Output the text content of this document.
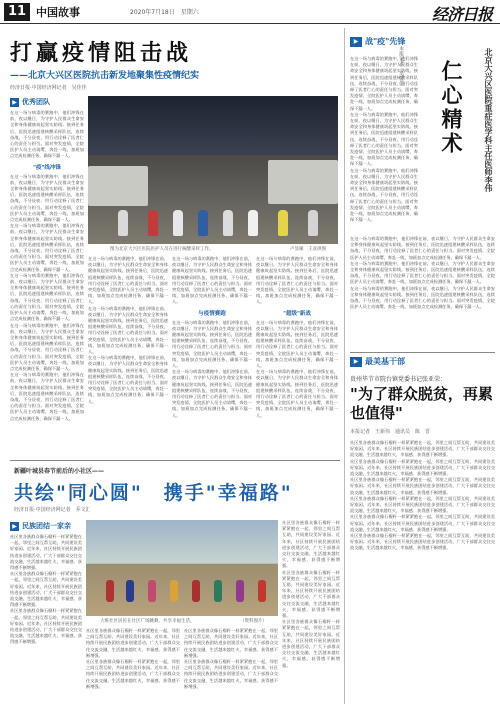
11 中国故事	2020年7月18日　星期六	经济日报
打赢疫情阻击战
——北京大兴区医院抗击新发地聚集性疫情纪实
经济日报·中国经济网记者　吴佳佳
▶ 优秀团队

在这一场与病毒的赛跑中，他们冲锋在前，夜以继日，为守护人民群众生命安全和身体健康筑起坚实防线。接到任务后，医院迅速组建核酸采样队伍，连续奋战，不分昼夜，用行动诠释了医者仁心的责任与担当。面对突发疫情，全院医护人员主动请缨，奔赴一线，加班加点完成检测任务，确保不漏一人。

"疫"线冲锋

在这一场与病毒的赛跑中，他们冲锋在前，夜以继日，为守护人民群众生命安全和身体健康筑起坚实防线。接到任务后，医院迅速组建核酸采样队伍，连续奋战，不分昼夜，用行动诠释了医者仁心的责任与担当。面对突发疫情，全院医护人员主动请缨，奔赴一线，加班加点完成检测任务，确保不漏一人。

在这一场与病毒的赛跑中，他们冲锋在前，夜以继日，为守护人民群众生命安全和身体健康筑起坚实防线。接到任务后，医院迅速组建核酸采样队伍，连续奋战，不分昼夜，用行动诠释了医者仁心的责任与担当。面对突发疫情，全院医护人员主动请缨，奔赴一线，加班加点完成检测任务，确保不漏一人。

在这一场与病毒的赛跑中，他们冲锋在前，夜以继日，为守护人民群众生命安全和身体健康筑起坚实防线。接到任务后，医院迅速组建核酸采样队伍，连续奋战，不分昼夜，用行动诠释了医者仁心的责任与担当。面对突发疫情，全院医护人员主动请缨，奔赴一线，加班加点完成检测任务，确保不漏一人。

在这一场与病毒的赛跑中，他们冲锋在前，夜以继日，为守护人民群众生命安全和身体健康筑起坚实防线。接到任务后，医院迅速组建核酸采样队伍，连续奋战，不分昼夜，用行动诠释了医者仁心的责任与担当。面对突发疫情，全院医护人员主动请缨，奔赴一线，加班加点完成检测任务，确保不漏一人。

在这一场与病毒的赛跑中，他们冲锋在前，夜以继日，为守护人民群众生命安全和身体健康筑起坚实防线。接到任务后，医院迅速组建核酸采样队伍，连续奋战，不分昼夜，用行动诠释了医者仁心的责任与担当。面对突发疫情，全院医护人员主动请缨，奔赴一线，加班加点完成检测任务，确保不漏一人。

图为北京大兴区医院医护人员在进行核酸采样工作。	卢显棣　王彦供图

在这一场与病毒的赛跑中，他们冲锋在前，夜以继日，为守护人民群众生命安全和身体健康筑起坚实防线。接到任务后，医院迅速组建核酸采样队伍，连续奋战，不分昼夜，用行动诠释了医者仁心的责任与担当。面对突发疫情，全院医护人员主动请缨，奔赴一线，加班加点完成检测任务，确保不漏一人。

在这一场与病毒的赛跑中，他们冲锋在前，夜以继日，为守护人民群众生命安全和身体健康筑起坚实防线。接到任务后，医院迅速组建核酸采样队伍，连续奋战，不分昼夜，用行动诠释了医者仁心的责任与担当。面对突发疫情，全院医护人员主动请缨，奔赴一线，加班加点完成检测任务，确保不漏一人。

在这一场与病毒的赛跑中，他们冲锋在前，夜以继日，为守护人民群众生命安全和身体健康筑起坚实防线。接到任务后，医院迅速组建核酸采样队伍，连续奋战，不分昼夜，用行动诠释了医者仁心的责任与担当。面对突发疫情，全院医护人员主动请缨，奔赴一线，加班加点完成检测任务，确保不漏一人。

在这一场与病毒的赛跑中，他们冲锋在前，夜以继日，为守护人民群众生命安全和身体健康筑起坚实防线。接到任务后，医院迅速组建核酸采样队伍，连续奋战，不分昼夜，用行动诠释了医者仁心的责任与担当。面对突发疫情，全院医护人员主动请缨，奔赴一线，加班加点完成检测任务，确保不漏一人。

与疫情赛跑

在这一场与病毒的赛跑中，他们冲锋在前，夜以继日，为守护人民群众生命安全和身体健康筑起坚实防线。接到任务后，医院迅速组建核酸采样队伍，连续奋战，不分昼夜，用行动诠释了医者仁心的责任与担当。面对突发疫情，全院医护人员主动请缨，奔赴一线，加班加点完成检测任务，确保不漏一人。

在这一场与病毒的赛跑中，他们冲锋在前，夜以继日，为守护人民群众生命安全和身体健康筑起坚实防线。接到任务后，医院迅速组建核酸采样队伍，连续奋战，不分昼夜，用行动诠释了医者仁心的责任与担当。面对突发疫情，全院医护人员主动请缨，奔赴一线，加班加点完成检测任务，确保不漏一人。

在这一场与病毒的赛跑中，他们冲锋在前，夜以继日，为守护人民群众生命安全和身体健康筑起坚实防线。接到任务后，医院迅速组建核酸采样队伍，连续奋战，不分昼夜，用行动诠释了医者仁心的责任与担当。面对突发疫情，全院医护人员主动请缨，奔赴一线，加班加点完成检测任务，确保不漏一人。

"超级"新战

在这一场与病毒的赛跑中，他们冲锋在前，夜以继日，为守护人民群众生命安全和身体健康筑起坚实防线。接到任务后，医院迅速组建核酸采样队伍，连续奋战，不分昼夜，用行动诠释了医者仁心的责任与担当。面对突发疫情，全院医护人员主动请缨，奔赴一线，加班加点完成检测任务，确保不漏一人。

在这一场与病毒的赛跑中，他们冲锋在前，夜以继日，为守护人民群众生命安全和身体健康筑起坚实防线。接到任务后，医院迅速组建核酸采样队伍，连续奋战，不分昼夜，用行动诠释了医者仁心的责任与担当。面对突发疫情，全院医护人员主动请缨，奔赴一线，加班加点完成检测任务，确保不漏一人。

新疆叶城县春节前后的小社区——
共绘"同心圆"　携手"幸福路"
经济日报·中国经济网记者　乔文汇
▶ 民族团结一家亲

社区里各族群众像石榴籽一样紧紧抱在一起，邻里之间互帮互助，共同建设美好家园。近年来，社区持续开展民族团结进步创建活动，广大干部群众交往交流交融，生活越来越红火，幸福感、获得感不断增强。

社区里各族群众像石榴籽一样紧紧抱在一起，邻里之间互帮互助，共同建设美好家园。近年来，社区持续开展民族团结进步创建活动，广大干部群众交往交流交融，生活越来越红火，幸福感、获得感不断增强。

社区里各族群众像石榴籽一样紧紧抱在一起，邻里之间互帮互助，共同建设美好家园。近年来，社区持续开展民族团结进步创建活动，广大干部群众交往交流交融，生活越来越红火，幸福感、获得感不断增强。

大班社区居民在社区广场跳舞，共享幸福生活。	（资料图片）

社区里各族群众像石榴籽一样紧紧抱在一起，邻里之间互帮互助，共同建设美好家园。近年来，社区持续开展民族团结进步创建活动，广大干部群众交往交流交融，生活越来越红火，幸福感、获得感不断增强。

社区里各族群众像石榴籽一样紧紧抱在一起，邻里之间互帮互助，共同建设美好家园。近年来，社区持续开展民族团结进步创建活动，广大干部群众交往交流交融，生活越来越红火，幸福感、获得感不断增强。

社区里各族群众像石榴籽一样紧紧抱在一起，邻里之间互帮互助，共同建设美好家园。近年来，社区持续开展民族团结进步创建活动，广大干部群众交往交流交融，生活越来越红火，幸福感、获得感不断增强。

社区里各族群众像石榴籽一样紧紧抱在一起，邻里之间互帮互助，共同建设美好家园。近年来，社区持续开展民族团结进步创建活动，广大干部群众交往交流交融，生活越来越红火，幸福感、获得感不断增强。

社区里各族群众像石榴籽一样紧紧抱在一起，邻里之间互帮互助，共同建设美好家园。近年来，社区持续开展民族团结进步创建活动，广大干部群众交往交流交融，生活越来越红火，幸福感、获得感不断增强。

社区里各族群众像石榴籽一样紧紧抱在一起，邻里之间互帮互助，共同建设美好家园。近年来，社区持续开展民族团结进步创建活动，广大干部群众交往交流交融，生活越来越红火，幸福感、获得感不断增强。

社区里各族群众像石榴籽一样紧紧抱在一起，邻里之间互帮互助，共同建设美好家园。近年来，社区持续开展民族团结进步创建活动，广大干部群众交往交流交融，生活越来越红火，幸福感、获得感不断增强。

▶ 战"疫"先锋
本报记者　吴佳佳	仁心精术	北京大兴区医院重症医学科主任医师李伟

在这一场与病毒的赛跑中，他们冲锋在前，夜以继日，为守护人民群众生命安全和身体健康筑起坚实防线。接到任务后，医院迅速组建核酸采样队伍，连续奋战，不分昼夜，用行动诠释了医者仁心的责任与担当。面对突发疫情，全院医护人员主动请缨，奔赴一线，加班加点完成检测任务，确保不漏一人。

在这一场与病毒的赛跑中，他们冲锋在前，夜以继日，为守护人民群众生命安全和身体健康筑起坚实防线。接到任务后，医院迅速组建核酸采样队伍，连续奋战，不分昼夜，用行动诠释了医者仁心的责任与担当。面对突发疫情，全院医护人员主动请缨，奔赴一线，加班加点完成检测任务，确保不漏一人。

在这一场与病毒的赛跑中，他们冲锋在前，夜以继日，为守护人民群众生命安全和身体健康筑起坚实防线。接到任务后，医院迅速组建核酸采样队伍，连续奋战，不分昼夜，用行动诠释了医者仁心的责任与担当。面对突发疫情，全院医护人员主动请缨，奔赴一线，加班加点完成检测任务，确保不漏一人。

在这一场与病毒的赛跑中，他们冲锋在前，夜以继日，为守护人民群众生命安全和身体健康筑起坚实防线。接到任务后，医院迅速组建核酸采样队伍，连续奋战，不分昼夜，用行动诠释了医者仁心的责任与担当。面对突发疫情，全院医护人员主动请缨，奔赴一线，加班加点完成检测任务，确保不漏一人。

在这一场与病毒的赛跑中，他们冲锋在前，夜以继日，为守护人民群众生命安全和身体健康筑起坚实防线。接到任务后，医院迅速组建核酸采样队伍，连续奋战，不分昼夜，用行动诠释了医者仁心的责任与担当。面对突发疫情，全院医护人员主动请缨，奔赴一线，加班加点完成检测任务，确保不漏一人。

在这一场与病毒的赛跑中，他们冲锋在前，夜以继日，为守护人民群众生命安全和身体健康筑起坚实防线。接到任务后，医院迅速组建核酸采样队伍，连续奋战，不分昼夜，用行动诠释了医者仁心的责任与担当。面对突发疫情，全院医护人员主动请缨，奔赴一线，加班加点完成检测任务，确保不漏一人。

▶ 最美基干部
贵州毕节市院台镇党委书记张亚荣：
"为了群众脱贫，再累也值得"
本报记者　王新伟　通讯员　陈　晋

社区里各族群众像石榴籽一样紧紧抱在一起，邻里之间互帮互助，共同建设美好家园。近年来，社区持续开展民族团结进步创建活动，广大干部群众交往交流交融，生活越来越红火，幸福感、获得感不断增强。

社区里各族群众像石榴籽一样紧紧抱在一起，邻里之间互帮互助，共同建设美好家园。近年来，社区持续开展民族团结进步创建活动，广大干部群众交往交流交融，生活越来越红火，幸福感、获得感不断增强。

社区里各族群众像石榴籽一样紧紧抱在一起，邻里之间互帮互助，共同建设美好家园。近年来，社区持续开展民族团结进步创建活动，广大干部群众交往交流交融，生活越来越红火，幸福感、获得感不断增强。

社区里各族群众像石榴籽一样紧紧抱在一起，邻里之间互帮互助，共同建设美好家园。近年来，社区持续开展民族团结进步创建活动，广大干部群众交往交流交融，生活越来越红火，幸福感、获得感不断增强。

社区里各族群众像石榴籽一样紧紧抱在一起，邻里之间互帮互助，共同建设美好家园。近年来，社区持续开展民族团结进步创建活动，广大干部群众交往交流交融，生活越来越红火，幸福感、获得感不断增强。

社区里各族群众像石榴籽一样紧紧抱在一起，邻里之间互帮互助，共同建设美好家园。近年来，社区持续开展民族团结进步创建活动，广大干部群众交往交流交融，生活越来越红火，幸福感、获得感不断增强。
